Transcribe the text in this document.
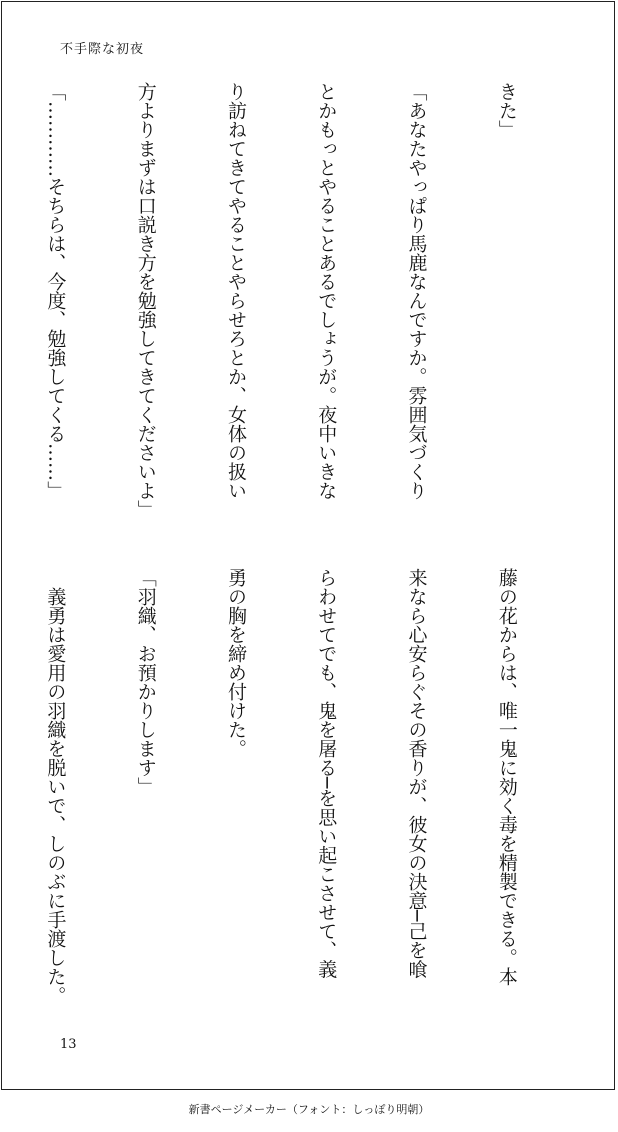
不手際な初夜

きた」

「あなたやっぱり馬鹿なんですか。雰囲気づくり

とかもっとやることあるでしょうが。夜中いきな

り訪ねてきてやることやらせろとか、女体の扱い

方よりまずは口説き方を勉強してきてくださいよ」

「…………そちらは、今度、勉強してくる……」

藤の花からは、唯一鬼に効く毒を精製できる。本

来なら心安らぐその香りが、彼女の決意─己を喰

らわせてでも、鬼を屠る─を思い起こさせて、義

勇の胸を締め付けた。

「羽織、お預かりします」

　義勇は愛用の羽織を脱いで、しのぶに手渡した。

13
新書ページメーカー（フォント：しっぽり明朝）
